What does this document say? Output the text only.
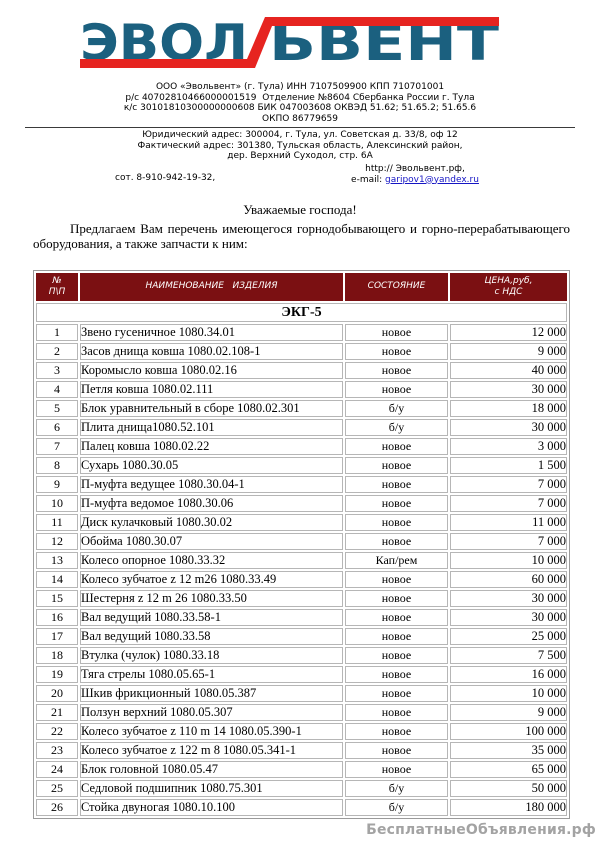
ЭВОЛ ЬВЕНТ
ООО «Эвольвент» (г. Тула) ИНН 7107509900 КПП 710701001
р/с 40702810466000001519  Отделение №8604 Сбербанка России г. Тула
к/с 30101810300000000608 БИК 047003608 ОКВЭД 51.62; 51.65.2; 51.65.6
ОКПО 86779659
Юридический адрес: 300004, г. Тула, ул. Советская д. 33/8, оф 12
Фактический адрес: 301380, Тульская область, Алексинский район,
дер. Верхний Суходол, стр. 6А
сот. 8-910-942-19-32,
http:// Эвольвент.рф,
e-mail: garipov1@yandex.ru
Уважаемые господа!

Предлагаем Вам перечень имеющегося горнодобывающего и горно-перерабатывающего оборудования, а также запчасти к ним:

№
П\П	НАИМЕНОВАНИЕ   ИЗДЕЛИЯ	СОСТОЯНИЕ	ЦЕНА,руб,
с НДС
ЭКГ-5			
1	Звено гусеничное 1080.34.01	новое	12 000
2	Засов днища ковша 1080.02.108-1	новое	9 000
3	Коромысло ковша 1080.02.16	новое	40 000
4	Петля ковша 1080.02.111	новое	30 000
5	Блок уравнительный в сборе 1080.02.301	б/у	18 000
6	Плита днища1080.52.101	б/у	30 000
7	Палец ковша 1080.02.22	новое	3 000
8	Сухарь 1080.30.05	новое	1 500
9	П-муфта ведущее 1080.30.04-1	новое	7 000
10	П-муфта ведомое 1080.30.06	новое	7 000
11	Диск кулачковый 1080.30.02	новое	11 000
12	Обойма 1080.30.07	новое	7 000
13	Колесо опорное 1080.33.32	Кап/рем	10 000
14	Колесо зубчатое z 12 m26 1080.33.49	новое	60 000
15	Шестерня z 12 m 26 1080.33.50	новое	30 000
16	Вал ведущий 1080.33.58-1	новое	30 000
17	Вал ведущий 1080.33.58	новое	25 000
18	Втулка (чулок) 1080.33.18	новое	7 500
19	Тяга стрелы 1080.05.65-1	новое	16 000
20	Шкив фрикционный 1080.05.387	новое	10 000
21	Ползун верхний 1080.05.307	новое	9 000
22	Колесо зубчатое z 110 m 14 1080.05.390-1	новое	100 000
23	Колесо зубчатое z 122 m 8 1080.05.341-1	новое	35 000
24	Блок головной 1080.05.47	новое	65 000
25	Седловой подшипник 1080.75.301	б/у	50 000
26	Стойка двуногая 1080.10.100	б/у	180 000
БесплатныеОбъявления.рф
